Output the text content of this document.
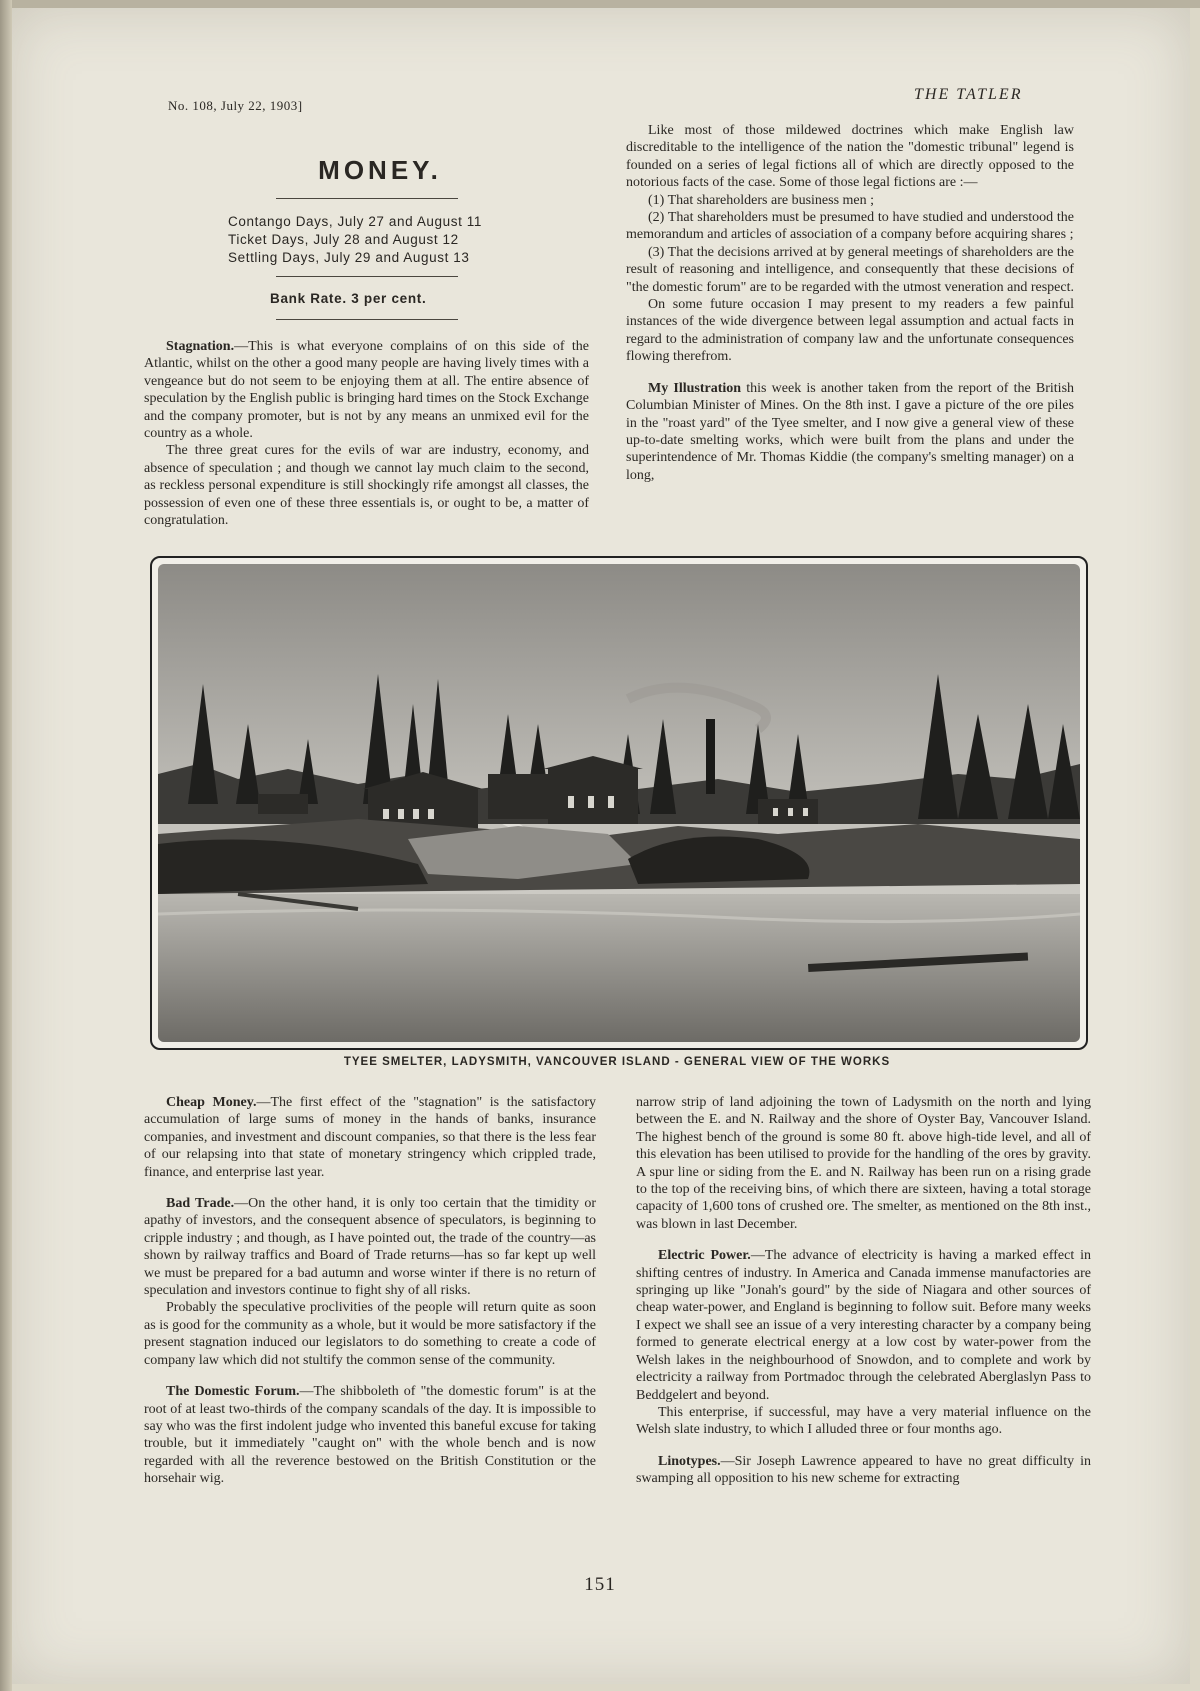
No. 108, July 22, 1903]
THE TATLER
MONEY.
Contango Days, July 27 and August 11
Ticket Days, July 28 and August 12
Settling Days, July 29 and August 13
Bank Rate. 3 per cent.

Stagnation.—This is what everyone complains of on this side of the Atlantic, whilst on the other a good many people are having lively times with a vengeance but do not seem to be enjoying them at all. The entire absence of speculation by the English public is bringing hard times on the Stock Exchange and the company promoter, but is not by any means an unmixed evil for the country as a whole.

The three great cures for the evils of war are industry, economy, and absence of speculation ; and though we cannot lay much claim to the second, as reckless personal expenditure is still shockingly rife amongst all classes, the possession of even one of these three essentials is, or ought to be, a matter of congratulation.

Like most of those mildewed doctrines which make English law discreditable to the intelligence of the nation the "domestic tribunal" legend is founded on a series of legal fictions all of which are directly opposed to the notorious facts of the case. Some of those legal fictions are :—

(1) That shareholders are business men ;

(2) That shareholders must be presumed to have studied and understood the memorandum and articles of association of a company before acquiring shares ;

(3) That the decisions arrived at by general meetings of shareholders are the result of reasoning and intelligence, and consequently that these decisions of "the domestic forum" are to be regarded with the utmost veneration and respect.

On some future occasion I may present to my readers a few painful instances of the wide divergence between legal assumption and actual facts in regard to the administration of company law and the unfortunate consequences flowing therefrom.

My Illustration this week is another taken from the report of the British Columbian Minister of Mines. On the 8th inst. I gave a picture of the ore piles in the "roast yard" of the Tyee smelter, and I now give a general view of these up-to-date smelting works, which were built from the plans and under the superintendence of Mr. Thomas Kiddie (the company's smelting manager) on a long,

TYEE SMELTER, LADYSMITH, VANCOUVER ISLAND - GENERAL VIEW OF THE WORKS

Cheap Money.—The first effect of the "stagnation" is the satisfactory accumulation of large sums of money in the hands of banks, insurance companies, and investment and discount companies, so that there is the less fear of our relapsing into that state of monetary stringency which crippled trade, finance, and enterprise last year.

Bad Trade.—On the other hand, it is only too certain that the timidity or apathy of investors, and the consequent absence of speculators, is beginning to cripple industry ; and though, as I have pointed out, the trade of the country—as shown by railway traffics and Board of Trade returns—has so far kept up well we must be prepared for a bad autumn and worse winter if there is no return of speculation and investors continue to fight shy of all risks.

Probably the speculative proclivities of the people will return quite as soon as is good for the community as a whole, but it would be more satisfactory if the present stagnation induced our legislators to do something to create a code of company law which did not stultify the common sense of the community.

The Domestic Forum.—The shibboleth of "the domestic forum" is at the root of at least two-thirds of the company scandals of the day. It is impossible to say who was the first indolent judge who invented this baneful excuse for taking trouble, but it immediately "caught on" with the whole bench and is now regarded with all the reverence bestowed on the British Constitution or the horsehair wig.

narrow strip of land adjoining the town of Ladysmith on the north and lying between the E. and N. Railway and the shore of Oyster Bay, Vancouver Island. The highest bench of the ground is some 80 ft. above high-tide level, and all of this elevation has been utilised to provide for the handling of the ores by gravity. A spur line or siding from the E. and N. Railway has been run on a rising grade to the top of the receiving bins, of which there are sixteen, having a total storage capacity of 1,600 tons of crushed ore. The smelter, as mentioned on the 8th inst., was blown in last December.

Electric Power.—The advance of electricity is having a marked effect in shifting centres of industry. In America and Canada immense manufactories are springing up like "Jonah's gourd" by the side of Niagara and other sources of cheap water-power, and England is beginning to follow suit. Before many weeks I expect we shall see an issue of a very interesting character by a company being formed to generate electrical energy at a low cost by water-power from the Welsh lakes in the neighbourhood of Snowdon, and to complete and work by electricity a railway from Portmadoc through the celebrated Aberglaslyn Pass to Beddgelert and beyond.

This enterprise, if successful, may have a very material influence on the Welsh slate industry, to which I alluded three or four months ago.

Linotypes.—Sir Joseph Lawrence appeared to have no great difficulty in swamping all opposition to his new scheme for extracting

151
